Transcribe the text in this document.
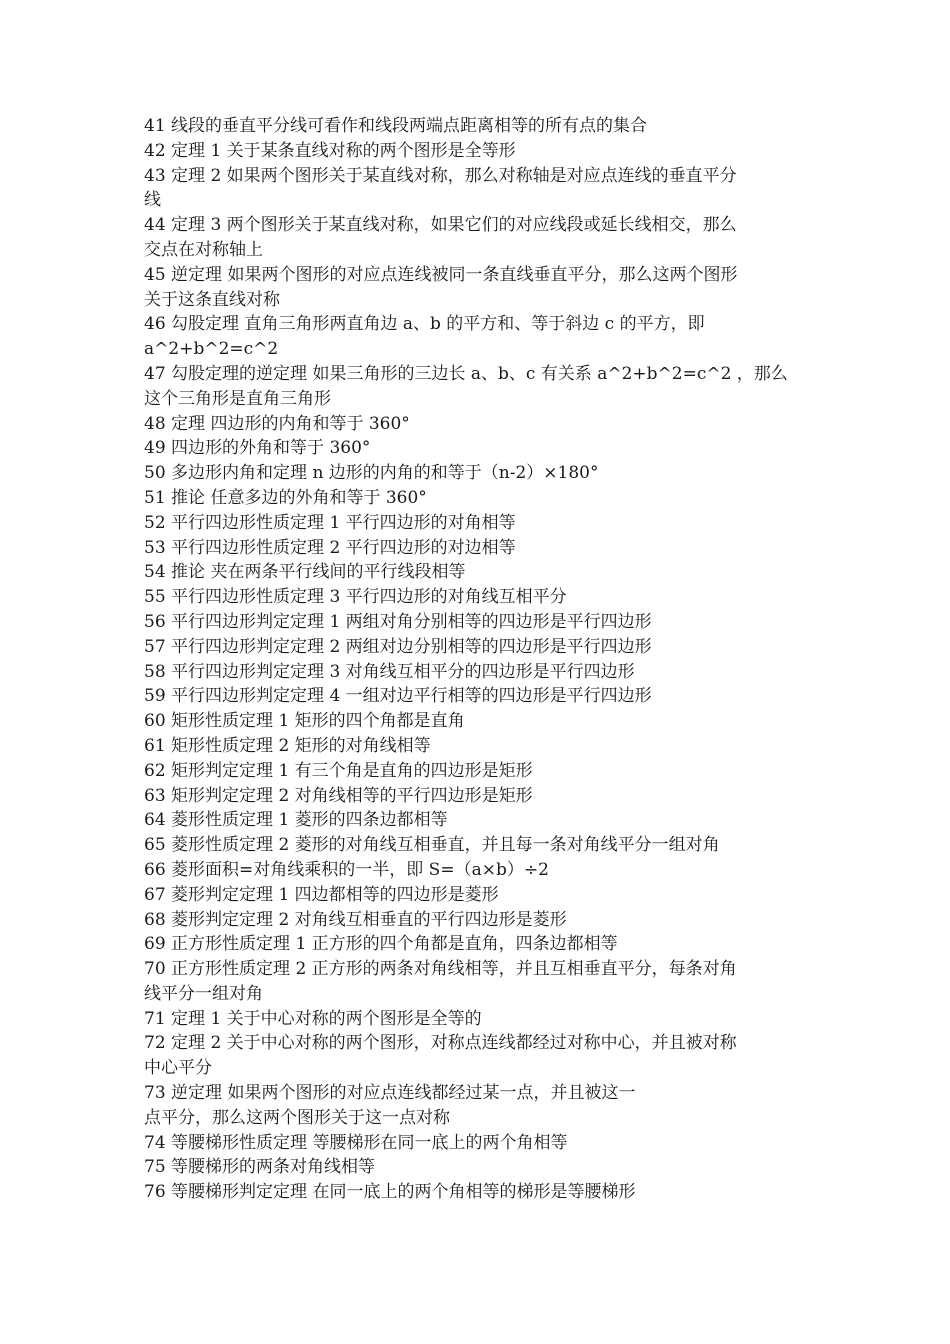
41 线段的垂直平分线可看作和线段两端点距离相等的所有点的集合
42 定理 1 关于某条直线对称的两个图形是全等形
43 定理 2 如果两个图形关于某直线对称，那么对称轴是对应点连线的垂直平分
线
44 定理 3 两个图形关于某直线对称，如果它们的对应线段或延长线相交，那么
交点在对称轴上
45 逆定理 如果两个图形的对应点连线被同一条直线垂直平分，那么这两个图形
关于这条直线对称
46 勾股定理 直角三角形两直角边 a、b 的平方和、等于斜边 c 的平方，即
a^2+b^2=c^2
47 勾股定理的逆定理 如果三角形的三边长 a、b、c 有关系 a^2+b^2=c^2 ，那么
这个三角形是直角三角形
48 定理 四边形的内角和等于 360°
49 四边形的外角和等于 360°
50 多边形内角和定理 n 边形的内角的和等于（n-2）×180°
51 推论 任意多边的外角和等于 360°
52 平行四边形性质定理 1 平行四边形的对角相等
53 平行四边形性质定理 2 平行四边形的对边相等
54 推论 夹在两条平行线间的平行线段相等
55 平行四边形性质定理 3 平行四边形的对角线互相平分
56 平行四边形判定定理 1 两组对角分别相等的四边形是平行四边形
57 平行四边形判定定理 2 两组对边分别相等的四边形是平行四边形
58 平行四边形判定定理 3 对角线互相平分的四边形是平行四边形
59 平行四边形判定定理 4 一组对边平行相等的四边形是平行四边形
60 矩形性质定理 1 矩形的四个角都是直角
61 矩形性质定理 2 矩形的对角线相等
62 矩形判定定理 1 有三个角是直角的四边形是矩形
63 矩形判定定理 2 对角线相等的平行四边形是矩形
64 菱形性质定理 1 菱形的四条边都相等
65 菱形性质定理 2 菱形的对角线互相垂直，并且每一条对角线平分一组对角
66 菱形面积=对角线乘积的一半，即 S=（a×b）÷2
67 菱形判定定理 1 四边都相等的四边形是菱形
68 菱形判定定理 2 对角线互相垂直的平行四边形是菱形
69 正方形性质定理 1 正方形的四个角都是直角，四条边都相等
70 正方形性质定理 2 正方形的两条对角线相等，并且互相垂直平分，每条对角
线平分一组对角
71 定理 1 关于中心对称的两个图形是全等的
72 定理 2 关于中心对称的两个图形，对称点连线都经过对称中心，并且被对称
中心平分
73 逆定理 如果两个图形的对应点连线都经过某一点，并且被这一
点平分，那么这两个图形关于这一点对称
74 等腰梯形性质定理 等腰梯形在同一底上的两个角相等
75 等腰梯形的两条对角线相等
76 等腰梯形判定定理 在同一底上的两个角相等的梯形是等腰梯形
